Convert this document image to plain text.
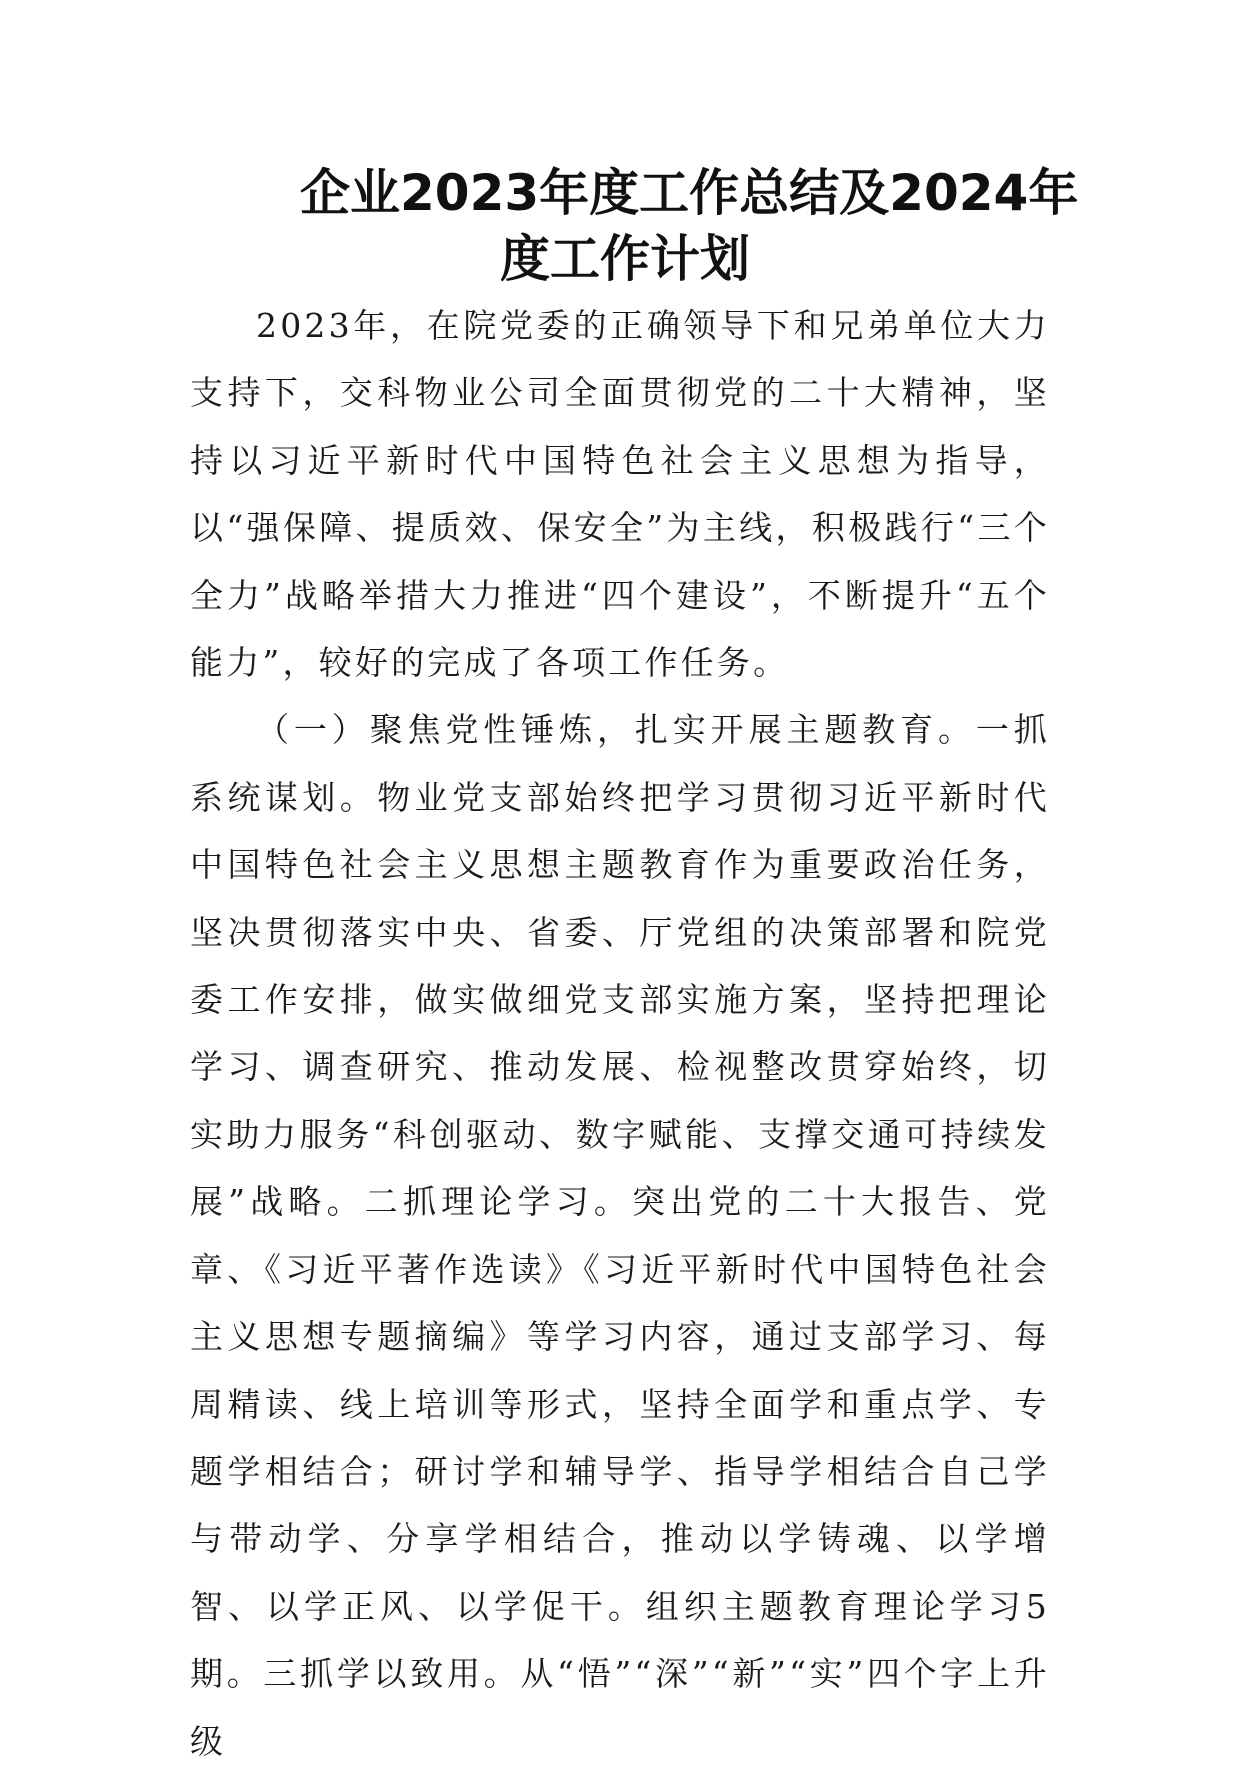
企业2023年度工作总结及2024年
度工作计划

2023年，在院党委的正确领导下和兄弟单位大力支持下，交科物业公司全面贯彻党的二十大精神，坚持以习近平新时代中国特色社会主义思想为指导，以“强保障、提质效、保安全”为主线，积极践行“三个全力”战略举措大力推进“四个建设”，不断提升“五个能力”，较好的完成了各项工作任务。

（一）聚焦党性锤炼，扎实开展主题教育。一抓系统谋划。物业党支部始终把学习贯彻习近平新时代中国特色社会主义思想主题教育作为重要政治任务，坚决贯彻落实中央、省委、厅党组的决策部署和院党委工作安排，做实做细党支部实施方案，坚持把理论学习、调查研究、推动发展、检视整改贯穿始终，切实助力服务“科创驱动、数字赋能、支撑交通可持续发展”战略。二抓理论学习。突出党的二十大报告、党章、《习近平著作选读》《习近平新时代中国特色社会主义思想专题摘编》等学习内容，通过支部学习、每周精读、线上培训等形式，坚持全面学和重点学、专题学相结合；研讨学和辅导学、指导学相结合自己学与带动学、分享学相结合，推动以学铸魂、以学增智、以学正风、以学促干。组织主题教育理论学习5期。三抓学以致用。从“悟”“深”“新”“实”四个字上升级
